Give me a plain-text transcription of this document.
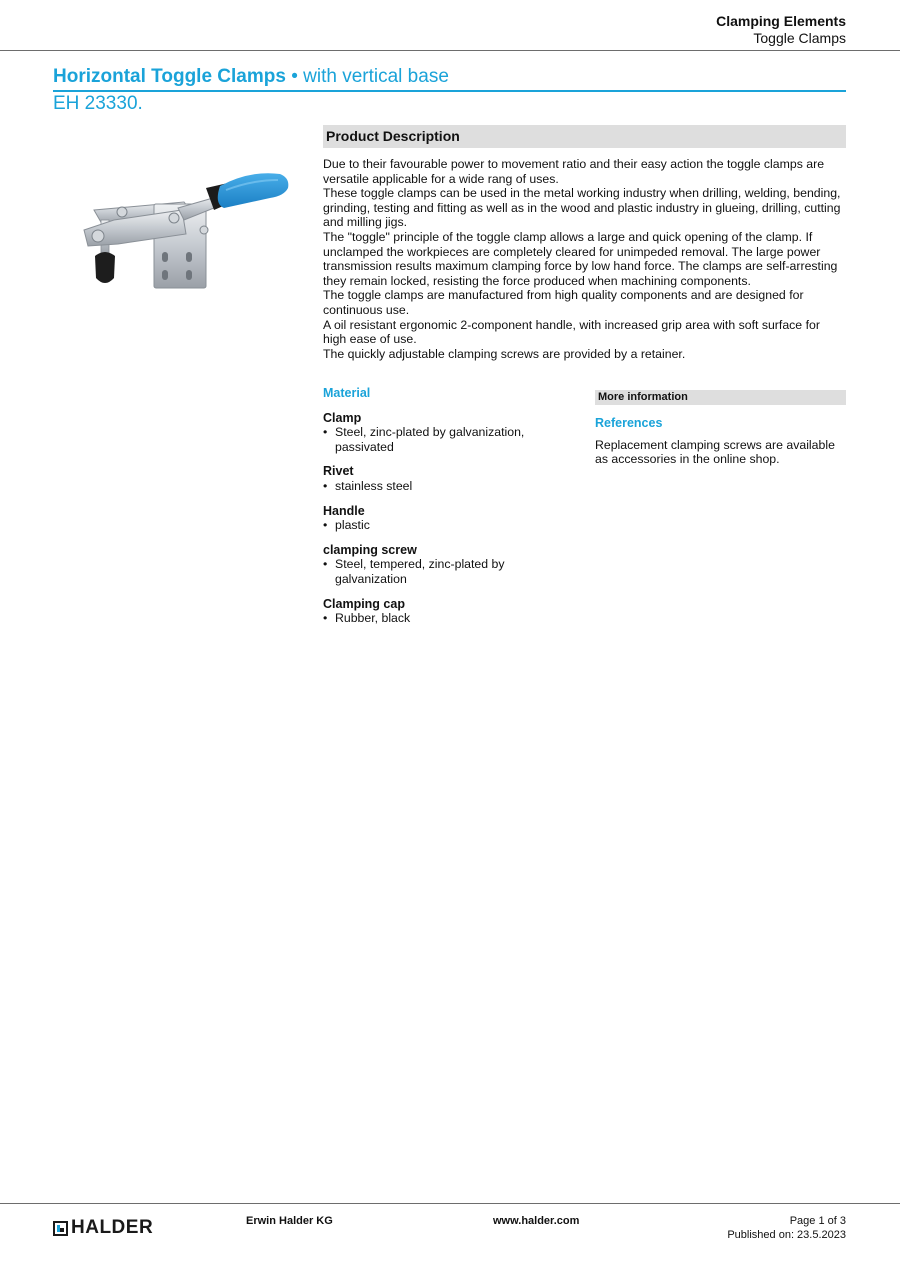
Clamping Elements
Toggle Clamps
Horizontal Toggle Clamps • with vertical base
EH 23330.
Product Description

Due to their favourable power to movement ratio and their easy action the toggle clamps are versatile applicable for a wide rang of uses.

These toggle clamps can be used in the metal working industry when drilling, welding, bending, grinding, testing and fitting as well as in the wood and plastic industry in glueing, drilling, cutting and milling jigs.

The "toggle" principle of the toggle clamp allows a large and quick opening of the clamp. If unclamped the workpieces are completely cleared for unimpeded removal. The large power transmission results maximum clamping force by low hand force. The clamps are self-arresting they remain locked, resisting the force produced when machining components.

The toggle clamps are manufactured from high quality components and are designed for continuous use.

A oil resistant ergonomic 2-component handle, with increased grip area with soft surface for high ease of use.

The quickly adjustable clamping screws are provided by a retainer.

Material
Clamp
• Steel, zinc-plated by galvanization, passivated
Rivet
• stainless steel
Handle
• plastic
clamping screw
• Steel, tempered, zinc-plated by galvanization
Clamping cap
• Rubber, black
More information
References
Replacement clamping screws are available as accessories in the online shop.
HALDER	Erwin Halder KG	www.halder.com	Page 1 of 3
Published on: 23.5.2023
